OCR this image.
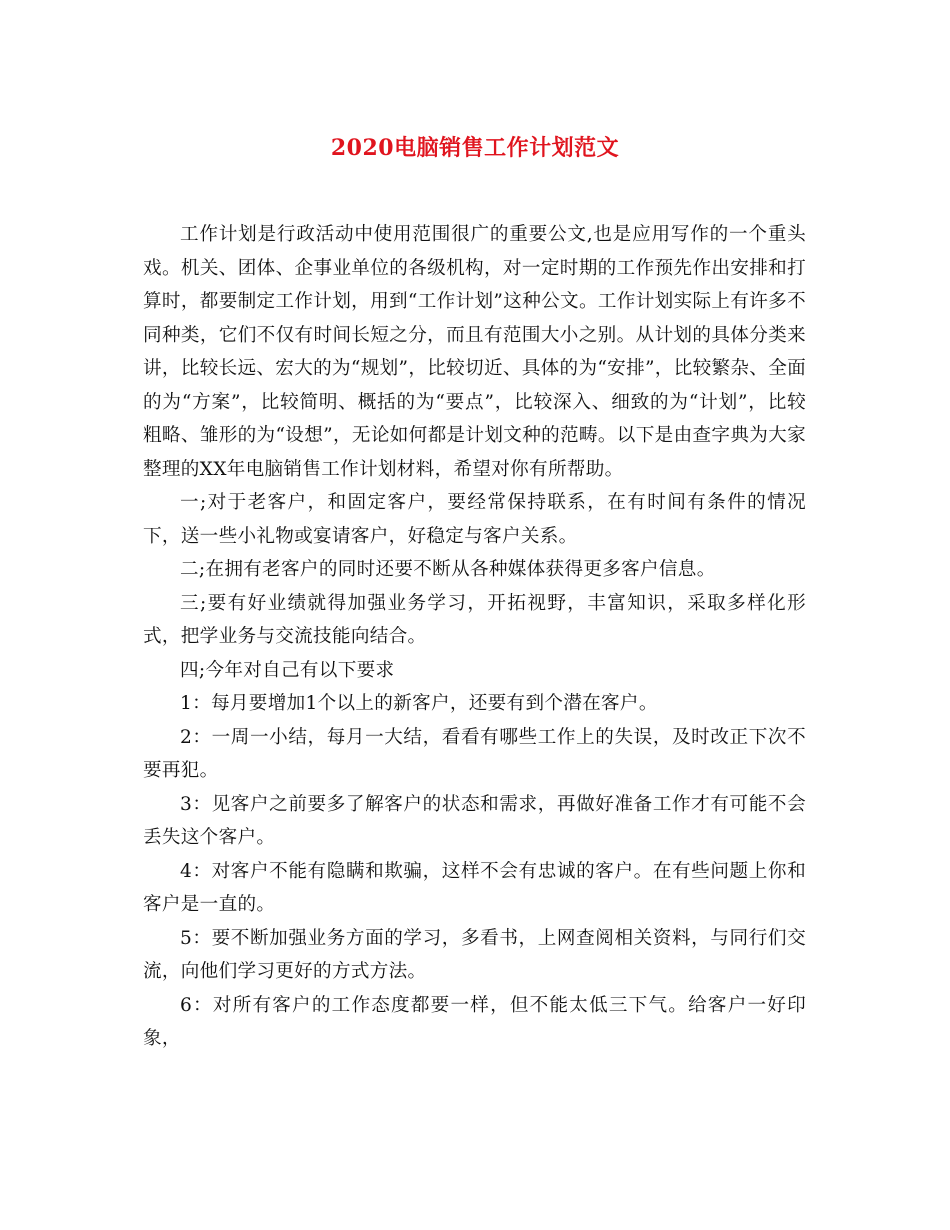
2020电脑销售工作计划范文

工作计划是行政活动中使用范围很广的重要公文,也是应用写作的一个重头戏。机关、团体、企事业单位的各级机构，对一定时期的工作预先作出安排和打算时，都要制定工作计划，用到“工作计划”这种公文。工作计划实际上有许多不同种类，它们不仅有时间长短之分，而且有范围大小之别。从计划的具体分类来讲，比较长远、宏大的为“规划”，比较切近、具体的为“安排”，比较繁杂、全面的为“方案”，比较简明、概括的为“要点”，比较深入、细致的为“计划”，比较粗略、雏形的为“设想”，无论如何都是计划文种的范畴。以下是由查字典为大家整理的XX年电脑销售工作计划材料，希望对你有所帮助。

一;对于老客户，和固定客户，要经常保持联系，在有时间有条件的情况下，送一些小礼物或宴请客户，好稳定与客户关系。

二;在拥有老客户的同时还要不断从各种媒体获得更多客户信息。

三;要有好业绩就得加强业务学习，开拓视野，丰富知识，采取多样化形式，把学业务与交流技能向结合。

四;今年对自己有以下要求

1：每月要增加1个以上的新客户，还要有到个潜在客户。

2：一周一小结，每月一大结，看看有哪些工作上的失误，及时改正下次不要再犯。

3：见客户之前要多了解客户的状态和需求，再做好准备工作才有可能不会丢失这个客户。

4：对客户不能有隐瞒和欺骗，这样不会有忠诚的客户。在有些问题上你和客户是一直的。

5：要不断加强业务方面的学习，多看书，上网查阅相关资料，与同行们交流，向他们学习更好的方式方法。

6：对所有客户的工作态度都要一样，但不能太低三下气。给客户一好印象，
